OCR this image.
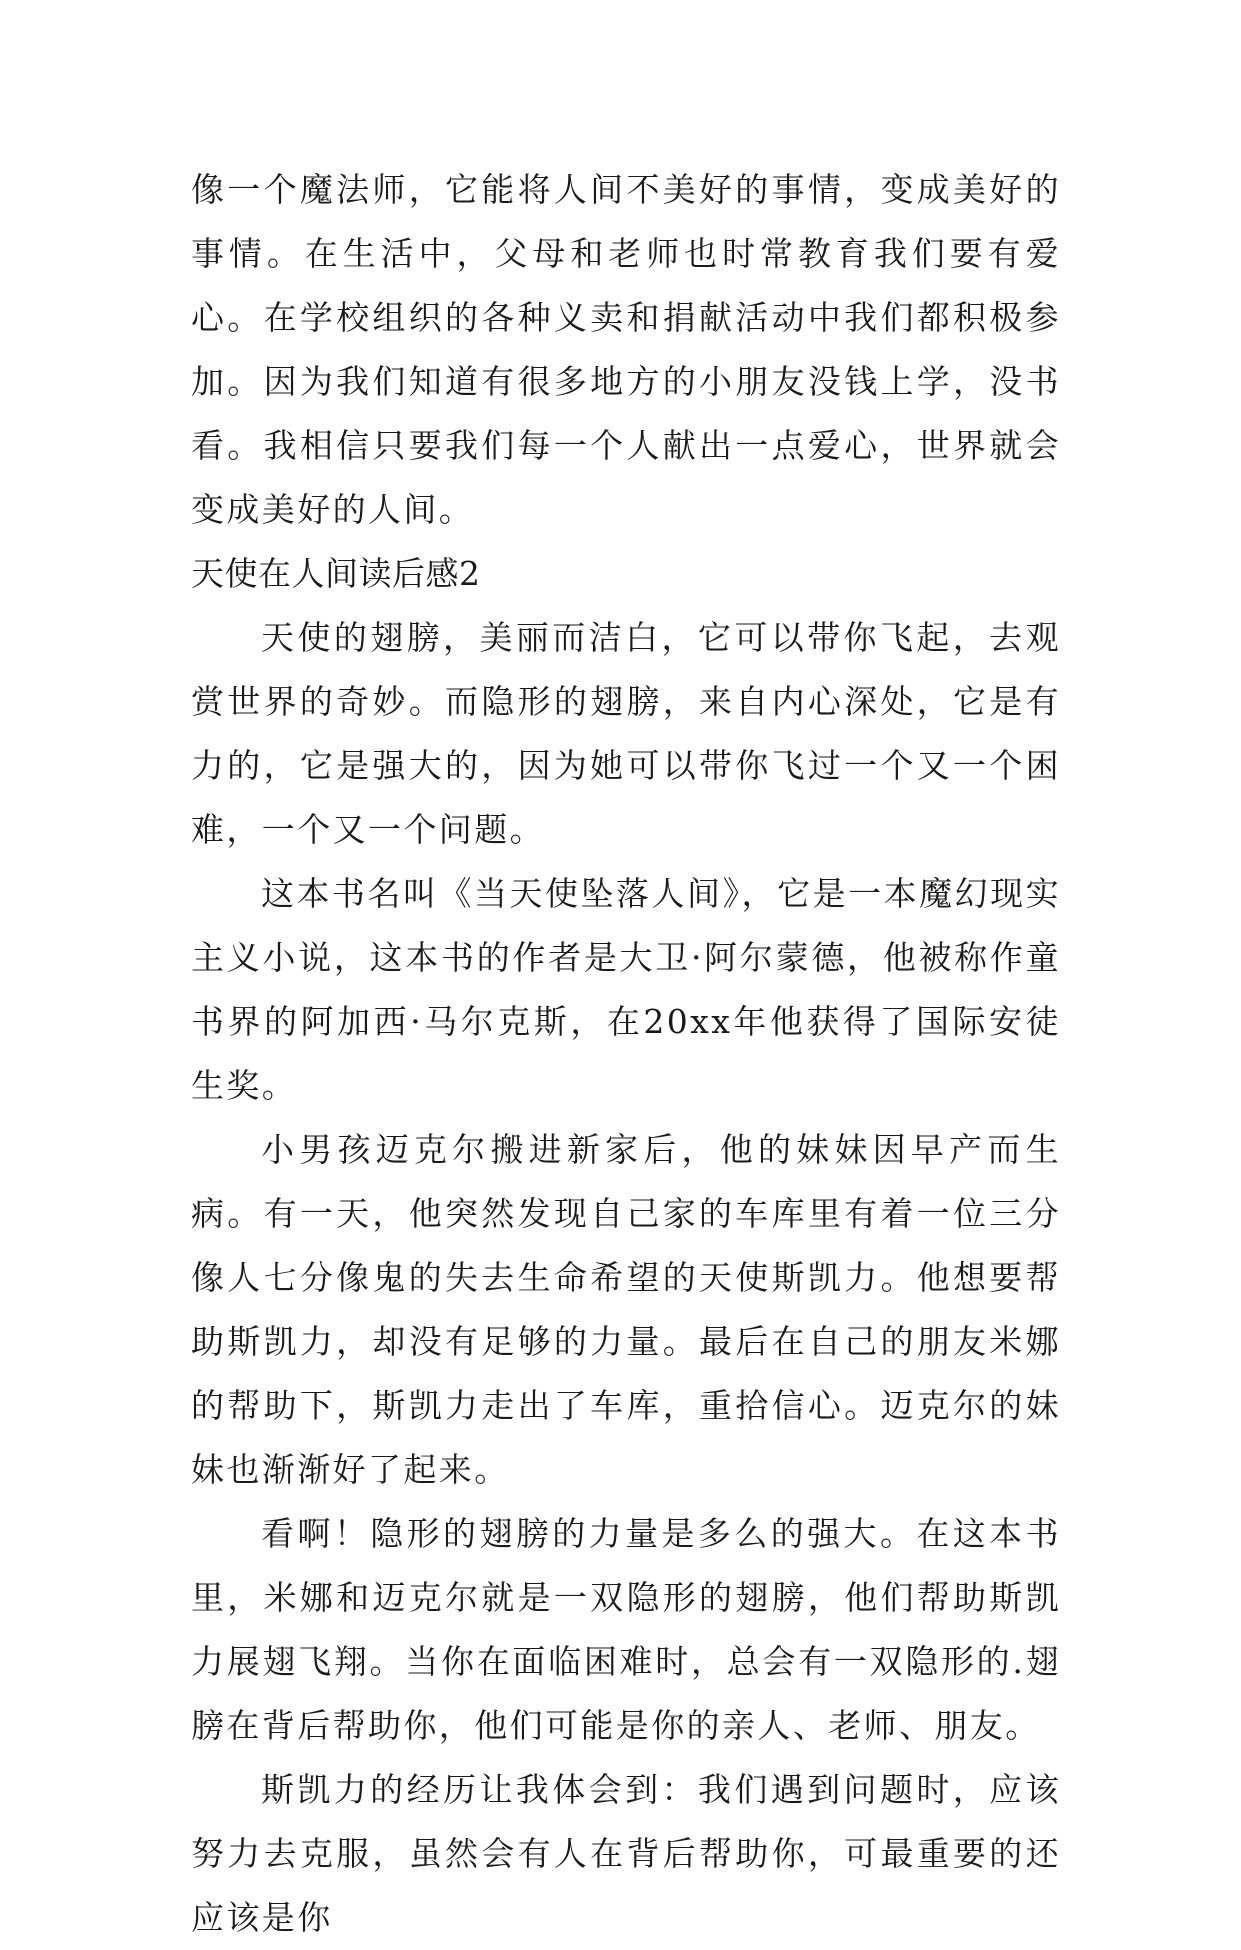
像一个魔法师，它能将人间不美好的事情，变成美好的事情。在生活中，父母和老师也时常教育我们要有爱心。在学校组织的各种义卖和捐献活动中我们都积极参加。因为我们知道有很多地方的小朋友没钱上学，没书看。我相信只要我们每一个人献出一点爱心，世界就会变成美好的人间。

天使在人间读后感2

天使的翅膀，美丽而洁白，它可以带你飞起，去观赏世界的奇妙。而隐形的翅膀，来自内心深处，它是有力的，它是强大的，因为她可以带你飞过一个又一个困难，一个又一个问题。

这本书名叫《当天使坠落人间》，它是一本魔幻现实主义小说，这本书的作者是大卫·阿尔蒙德，他被称作童书界的阿加西·马尔克斯，在20xx年他获得了国际安徒生奖。

小男孩迈克尔搬进新家后，他的妹妹因早产而生病。有一天，他突然发现自己家的车库里有着一位三分像人七分像鬼的失去生命希望的天使斯凯力。他想要帮助斯凯力，却没有足够的力量。最后在自己的朋友米娜的帮助下，斯凯力走出了车库，重拾信心。迈克尔的妹妹也渐渐好了起来。

看啊！隐形的翅膀的力量是多么的强大。在这本书里，米娜和迈克尔就是一双隐形的翅膀，他们帮助斯凯力展翅飞翔。当你在面临困难时，总会有一双隐形的.翅膀在背后帮助你，他们可能是你的亲人、老师、朋友。

斯凯力的经历让我体会到：我们遇到问题时，应该努力去克服，虽然会有人在背后帮助你，可最重要的还应该是你
